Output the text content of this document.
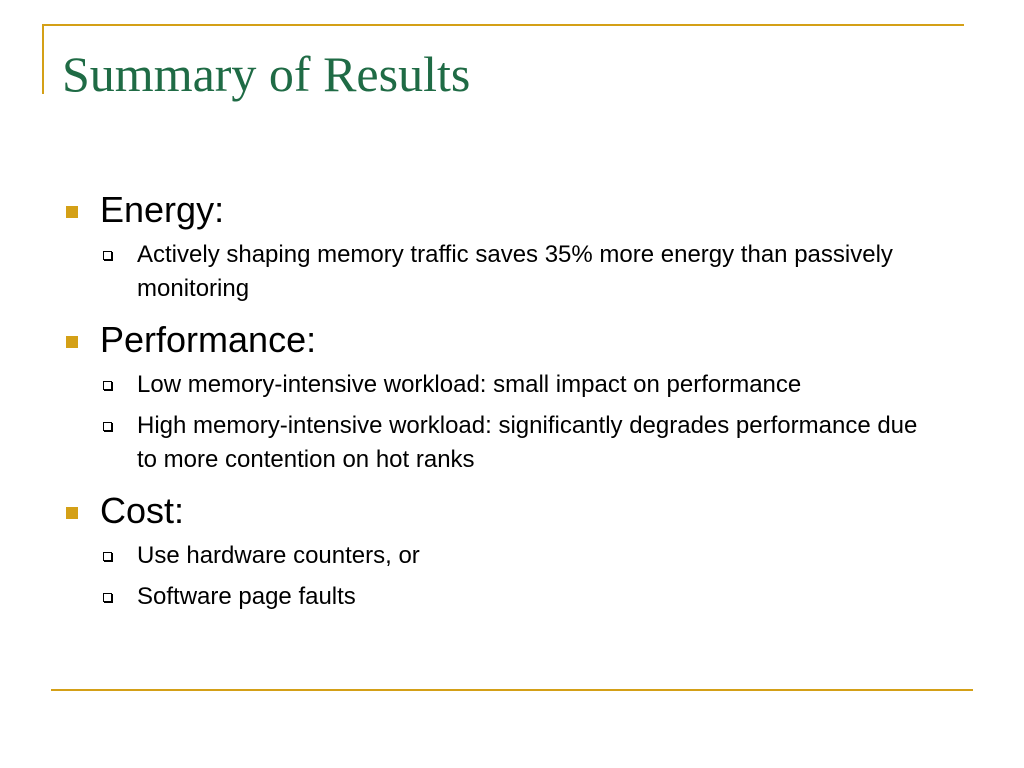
Summary of Results
Energy:
Actively shaping memory traffic saves 35% more energy than passively monitoring
Performance:
Low memory-intensive workload: small impact on performance
High memory-intensive workload: significantly degrades performance due to more contention on hot ranks
Cost:
Use hardware counters, or
Software page faults
